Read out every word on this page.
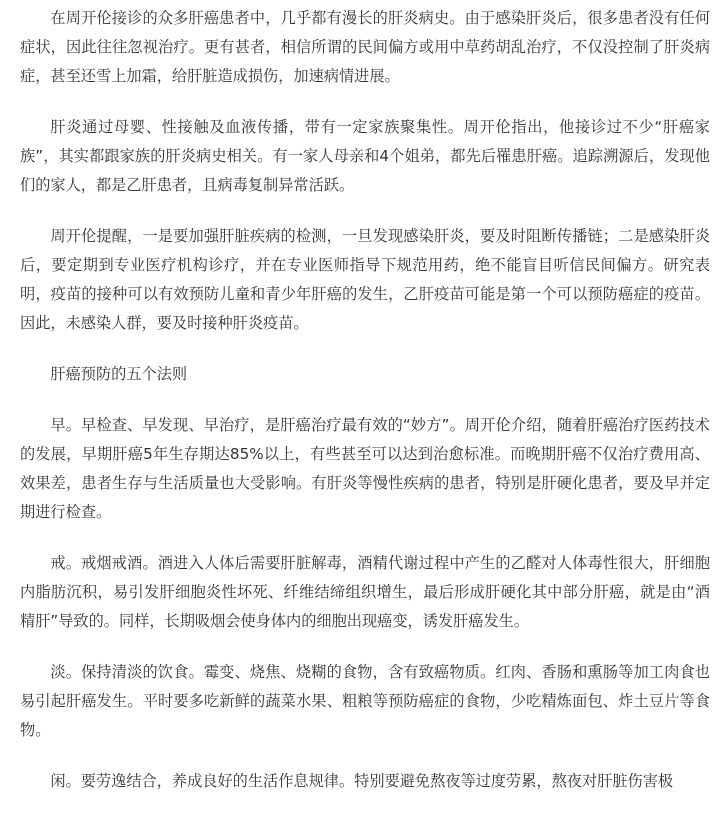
在周开伦接诊的众多肝癌患者中，几乎都有漫长的肝炎病史。由于感染肝炎后，很多患者没有任何症状，因此往往忽视治疗。更有甚者，相信所谓的民间偏方或用中草药胡乱治疗，不仅没控制了肝炎病症，甚至还雪上加霜，给肝脏造成损伤，加速病情进展。

肝炎通过母婴、性接触及血液传播，带有一定家族聚集性。周开伦指出，他接诊过不少“肝癌家族”，其实都跟家族的肝炎病史相关。有一家人母亲和4个姐弟，都先后罹患肝癌。追踪溯源后，发现他们的家人，都是乙肝患者，且病毒复制异常活跃。

周开伦提醒，一是要加强肝脏疾病的检测，一旦发现感染肝炎，要及时阻断传播链；二是感染肝炎后，要定期到专业医疗机构诊疗，并在专业医师指导下规范用药，绝不能盲目听信民间偏方。研究表明，疫苗的接种可以有效预防儿童和青少年肝癌的发生，乙肝疫苗可能是第一个可以预防癌症的疫苗。因此，未感染人群，要及时接种肝炎疫苗。

肝癌预防的五个法则

早。早检查、早发现、早治疗，是肝癌治疗最有效的“妙方”。周开伦介绍，随着肝癌治疗医药技术的发展，早期肝癌5年生存期达85%以上，有些甚至可以达到治愈标准。而晚期肝癌不仅治疗费用高、效果差，患者生存与生活质量也大受影响。有肝炎等慢性疾病的患者，特别是肝硬化患者，要及早并定期进行检查。

戒。戒烟戒酒。酒进入人体后需要肝脏解毒，酒精代谢过程中产生的乙醛对人体毒性很大，肝细胞内脂肪沉积，易引发肝细胞炎性坏死、纤维结缔组织增生，最后形成肝硬化其中部分肝癌，就是由“酒精肝”导致的。同样，长期吸烟会使身体内的细胞出现癌变，诱发肝癌发生。

淡。保持清淡的饮食。霉变、烧焦、烧糊的食物，含有致癌物质。红肉、香肠和熏肠等加工肉食也易引起肝癌发生。平时要多吃新鲜的蔬菜水果、粗粮等预防癌症的食物，少吃精炼面包、炸土豆片等食物。

闲。要劳逸结合，养成良好的生活作息规律。特别要避免熬夜等过度劳累，熬夜对肝脏伤害极
